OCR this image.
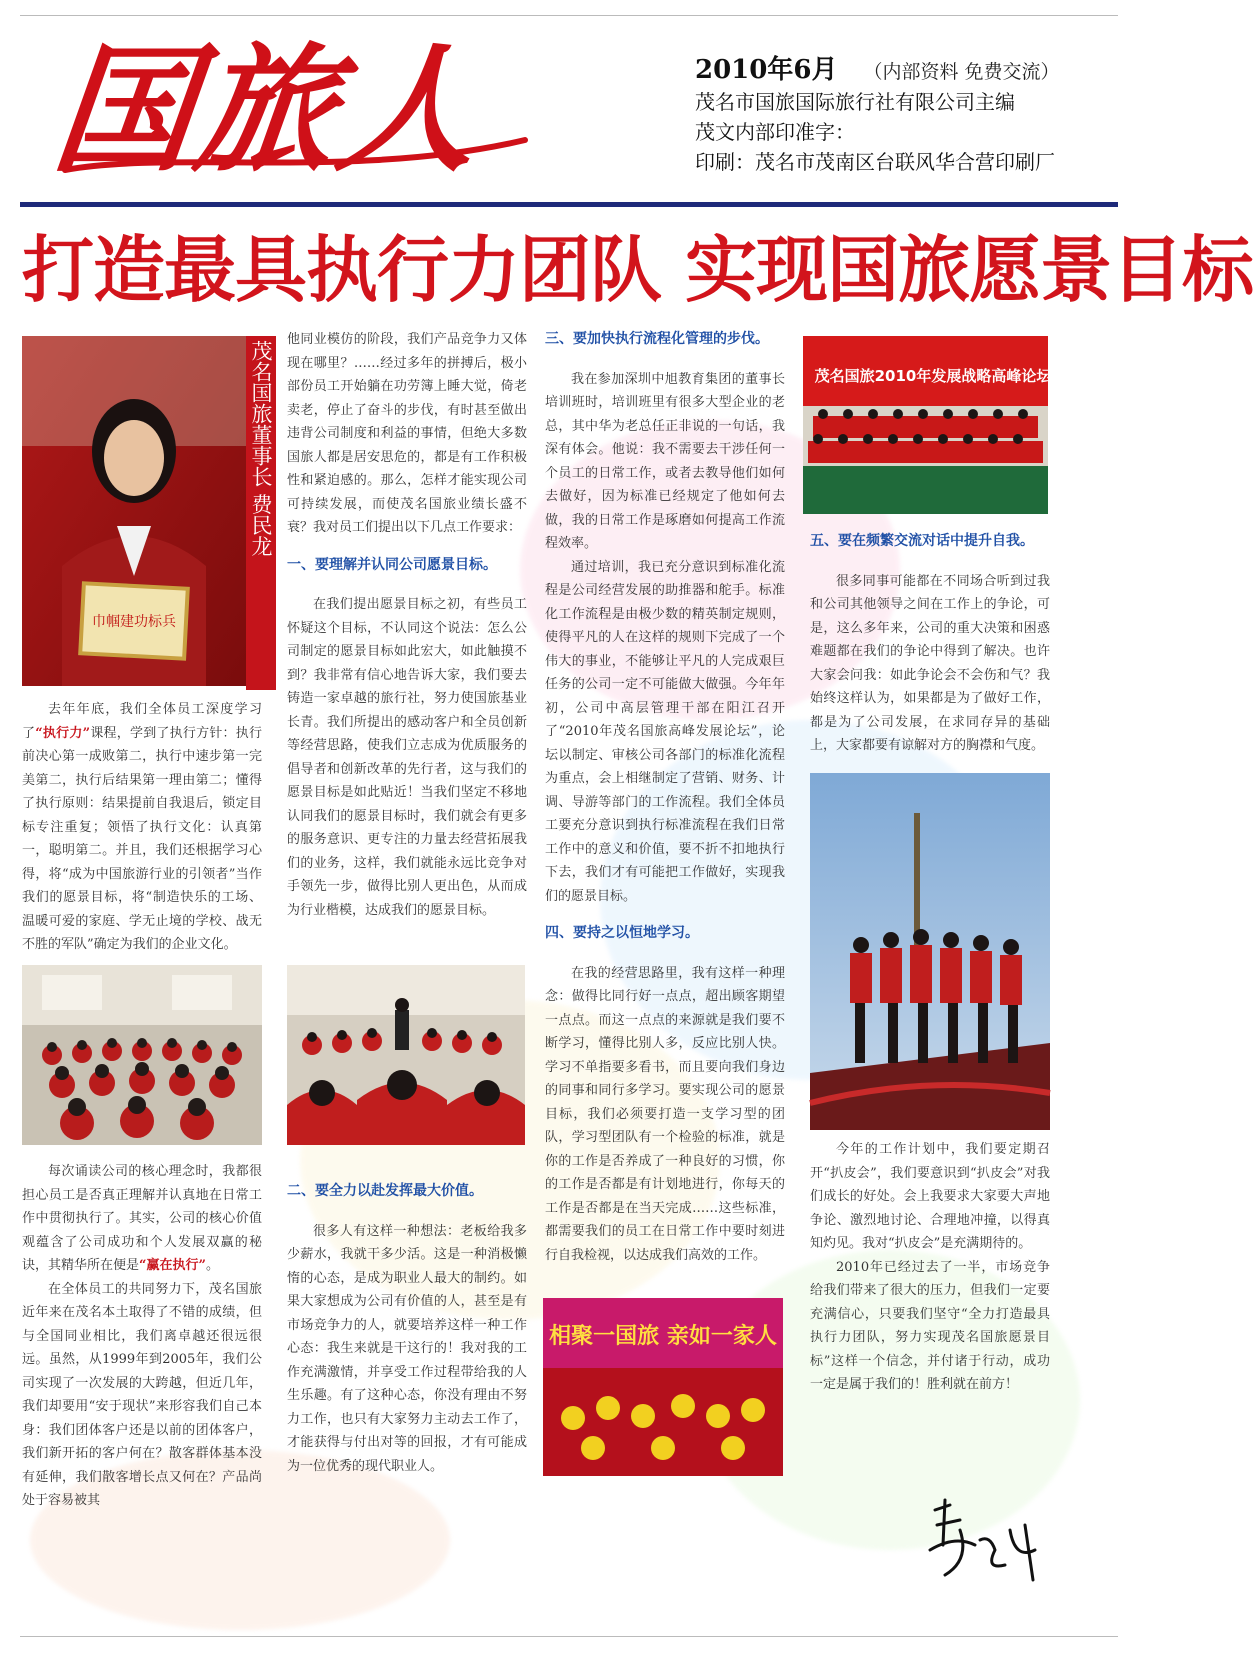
国旅人	2010年6月 （内部资料 免费交流）
茂名市国旅国际旅行社有限公司主编
茂文内部印准字：
印刷：茂名市茂南区台联风华合营印刷厂
打造最具执行力团队 实现国旅愿景目标
巾帼建功标兵
茂名国旅董事长 费民龙

去年年底，我们全体员工深度学习了“执行力”课程，学到了执行方针：执行前决心第一成败第二，执行中速步第一完美第二，执行后结果第一理由第二；懂得了执行原则：结果提前自我退后，锁定目标专注重复；领悟了执行文化：认真第一，聪明第二。并且，我们还根据学习心得，将“成为中国旅游行业的引领者”当作我们的愿景目标，将“制造快乐的工场、温暖可爱的家庭、学无止境的学校、战无不胜的军队”确定为我们的企业文化。

每次诵读公司的核心理念时，我都很担心员工是否真正理解并认真地在日常工作中贯彻执行了。其实，公司的核心价值观蕴含了公司成功和个人发展双赢的秘诀，其精华所在便是“赢在执行”。

在全体员工的共同努力下，茂名国旅近年来在茂名本土取得了不错的成绩，但与全国同业相比，我们离卓越还很远很远。虽然，从1999年到2005年，我们公司实现了一次发展的大跨越，但近几年，我们却要用“安于现状”来形容我们自己本身：我们团体客户还是以前的团体客户，我们新开拓的客户何在？散客群体基本没有延伸，我们散客增长点又何在？产品尚处于容易被其

他同业模仿的阶段，我们产品竞争力又体现在哪里？……经过多年的拼搏后，极小部份员工开始躺在功劳簿上睡大觉，倚老卖老，停止了奋斗的步伐，有时甚至做出违背公司制度和利益的事情，但绝大多数国旅人都是居安思危的，都是有工作积极性和紧迫感的。那么，怎样才能实现公司可持续发展，而使茂名国旅业绩长盛不衰？我对员工们提出以下几点工作要求：

一、要理解并认同公司愿景目标。

在我们提出愿景目标之初，有些员工怀疑这个目标，不认同这个说法：怎么公司制定的愿景目标如此宏大，如此触摸不到？我非常有信心地告诉大家，我们要去铸造一家卓越的旅行社，努力使国旅基业长青。我们所提出的感动客户和全员创新等经营思路，使我们立志成为优质服务的倡导者和创新改革的先行者，这与我们的愿景目标是如此贴近！当我们坚定不移地认同我们的愿景目标时，我们就会有更多的服务意识、更专注的力量去经营拓展我们的业务，这样，我们就能永远比竞争对手领先一步，做得比别人更出色，从而成为行业楷模，达成我们的愿景目标。

二、要全力以赴发挥最大价值。

很多人有这样一种想法：老板给我多少薪水，我就干多少活。这是一种消极懒惰的心态，是成为职业人最大的制约。如果大家想成为公司有价值的人，甚至是有市场竞争力的人，就要培养这样一种工作心态：我生来就是干这行的！我对我的工作充满激情，并享受工作过程带给我的人生乐趣。有了这种心态，你没有理由不努力工作，也只有大家努力主动去工作了，才能获得与付出对等的回报，才有可能成为一位优秀的现代职业人。

三、要加快执行流程化管理的步伐。

我在参加深圳中旭教育集团的董事长培训班时，培训班里有很多大型企业的老总，其中华为老总任正非说的一句话，我深有体会。他说：我不需要去干涉任何一个员工的日常工作，或者去教导他们如何去做好，因为标准已经规定了他如何去做，我的日常工作是琢磨如何提高工作流程效率。

通过培训，我已充分意识到标准化流程是公司经营发展的助推器和舵手。标准化工作流程是由极少数的精英制定规则，使得平凡的人在这样的规则下完成了一个伟大的事业，不能够让平凡的人完成艰巨任务的公司一定不可能做大做强。今年年初，公司中高层管理干部在阳江召开了“2010年茂名国旅高峰发展论坛”，论坛以制定、审核公司各部门的标准化流程为重点，会上相继制定了营销、财务、计调、导游等部门的工作流程。我们全体员工要充分意识到执行标准流程在我们日常工作中的意义和价值，要不折不扣地执行下去，我们才有可能把工作做好，实现我们的愿景目标。

四、要持之以恒地学习。

在我的经营思路里，我有这样一种理念：做得比同行好一点点，超出顾客期望一点点。而这一点点的来源就是我们要不断学习，懂得比别人多，反应比别人快。学习不单指要多看书，而且要向我们身边的同事和同行多学习。要实现公司的愿景目标，我们必须要打造一支学习型的团队，学习型团队有一个检验的标准，就是你的工作是否养成了一种良好的习惯，你的工作是否都是有计划地进行，你每天的工作是否都是在当天完成……这些标准，都需要我们的员工在日常工作中要时刻进行自我检视，以达成我们高效的工作。

相聚一国旅 亲如一家人
茂名国旅2010年发展战略高峰论坛
五、要在频繁交流对话中提升自我。

很多同事可能都在不同场合听到过我和公司其他领导之间在工作上的争论，可是，这么多年来，公司的重大决策和困惑难题都在我们的争论中得到了解决。也许大家会问我：如此争论会不会伤和气？我始终这样认为，如果都是为了做好工作，都是为了公司发展，在求同存异的基础上，大家都要有谅解对方的胸襟和气度。

今年的工作计划中，我们要定期召开“扒皮会”，我们要意识到“扒皮会”对我们成长的好处。会上我要求大家要大声地争论、激烈地讨论、合理地冲撞，以得真知灼见。我对“扒皮会”是充满期待的。

2010年已经过去了一半，市场竞争给我们带来了很大的压力，但我们一定要充满信心，只要我们坚守“全力打造最具执行力团队，努力实现茂名国旅愿景目标”这样一个信念，并付诸于行动，成功一定是属于我们的！胜利就在前方！
